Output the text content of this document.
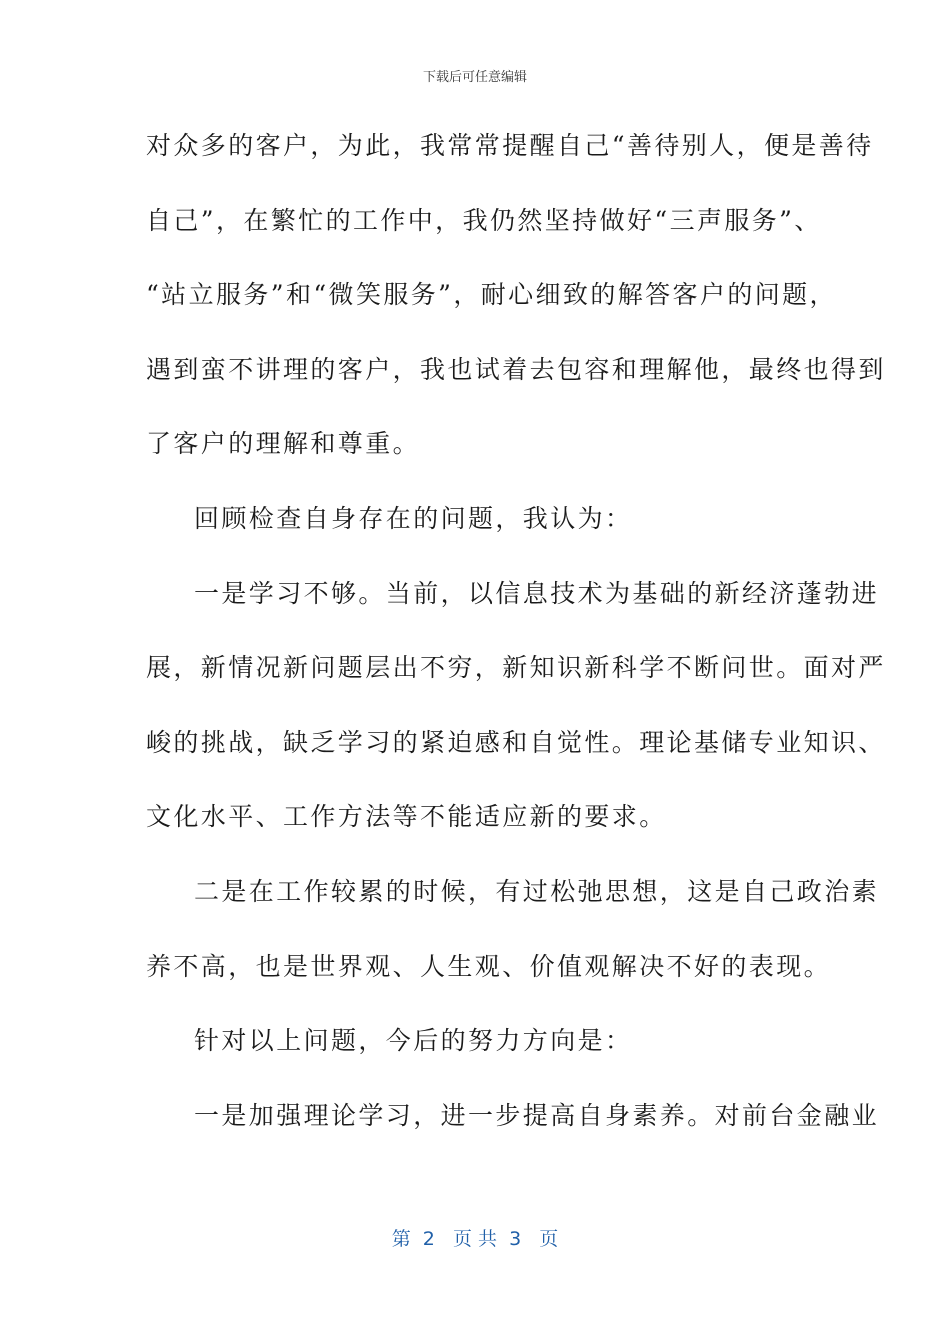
下载后可任意编辑
对众多的客户，为此，我常常提醒自己“善待别人，便是善待
自己”，在繁忙的工作中，我仍然坚持做好“三声服务”、
“站立服务”和“微笑服务”，耐心细致的解答客户的问题，
遇到蛮不讲理的客户，我也试着去包容和理解他，最终也得到
了客户的理解和尊重。
回顾检查自身存在的问题，我认为：
一是学习不够。当前，以信息技术为基础的新经济蓬勃进
展，新情况新问题层出不穷，新知识新科学不断问世。面对严
峻的挑战，缺乏学习的紧迫感和自觉性。理论基储专业知识、
文化水平、工作方法等不能适应新的要求。
二是在工作较累的时候，有过松弛思想，这是自己政治素
养不高，也是世界观、人生观、价值观解决不好的表现。
针对以上问题，今后的努力方向是：
一是加强理论学习，进一步提高自身素养。对前台金融业
第  2   页 共  3   页
